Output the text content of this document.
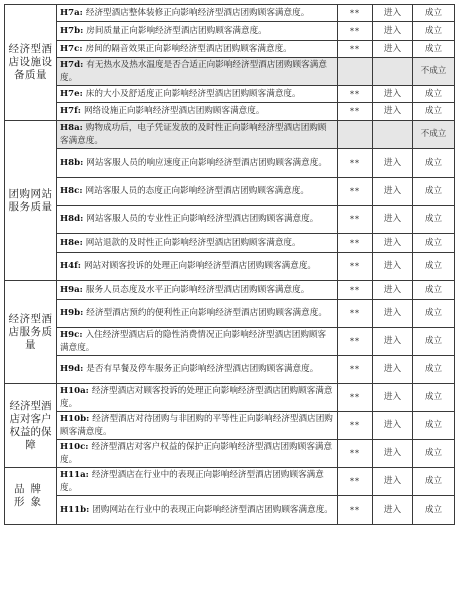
经济型酒店设施设备质量	H7a: 经济型酒店整体装修正向影响经济型酒店团购顾客满意度。	**	进入	成立
	H7b: 房间质量正向影响经济型酒店团购顾客满意度。	**	进入	成立
	H7c: 房间的隔音效果正向影响经济型酒店团购顾客满意度。	**	进入	成立
	H7d: 有无热水及热水温度是否合适正向影响经济型酒店团购顾客满意度。			不成立
	H7e: 床的大小及舒适度正向影响经济型酒店团购顾客满意度。	**	进入	成立
	H7f: 网络设施正向影响经济型酒店团购顾客满意度。	**	进入	成立
团购网站服务质量	H8a: 购物成功后，电子凭证发放的及时性正向影响经济型酒店团购顾客满意度。			不成立
	H8b: 网站客服人员的响应速度正向影响经济型酒店团购顾客满意度。	**	进入	成立
	H8c: 网站客服人员的态度正向影响经济型酒店团购顾客满意度。	**	进入	成立
	H8d: 网站客服人员的专业性正向影响经济型酒店团购顾客满意度。	**	进入	成立
	H8e: 网站退款的及时性正向影响经济型酒店团购顾客满意度。	**	进入	成立
	H4f: 网站对顾客投诉的处理正向影响经济型酒店团购顾客满意度。	**	进入	成立
经济型酒店服务质量	H9a: 服务人员态度及水平正向影响经济型酒店团购顾客满意度。	**	进入	成立
	H9b: 经济型酒店预约的便利性正向影响经济型酒店团购顾客满意度。	**	进入	成立
	H9c: 入住经济型酒店后的隐性消费情况正向影响经济型酒店团购顾客满意度。	**	进入	成立
	H9d: 是否有早餐及停车服务正向影响经济型酒店团购顾客满意度。	**	进入	成立
经济型酒店对客户权益的保障	H10a: 经济型酒店对顾客投诉的处理正向影响经济型酒店团购顾客满意度。	**	进入	成立
	H10b: 经济型酒店对待团购与非团购的平等性正向影响经济型酒店团购顾客满意度。	**	进入	成立
	H10c: 经济型酒店对客户权益的保护正向影响经济型酒店团购顾客满意度。	**	进入	成立
品牌形象	H11a: 经济型酒店在行业中的表现正向影响经济型酒店团购顾客满意度。	**	进入	成立
	H11b: 团购网站在行业中的表现正向影响经济型酒店团购顾客满意度。	**	进入	成立
